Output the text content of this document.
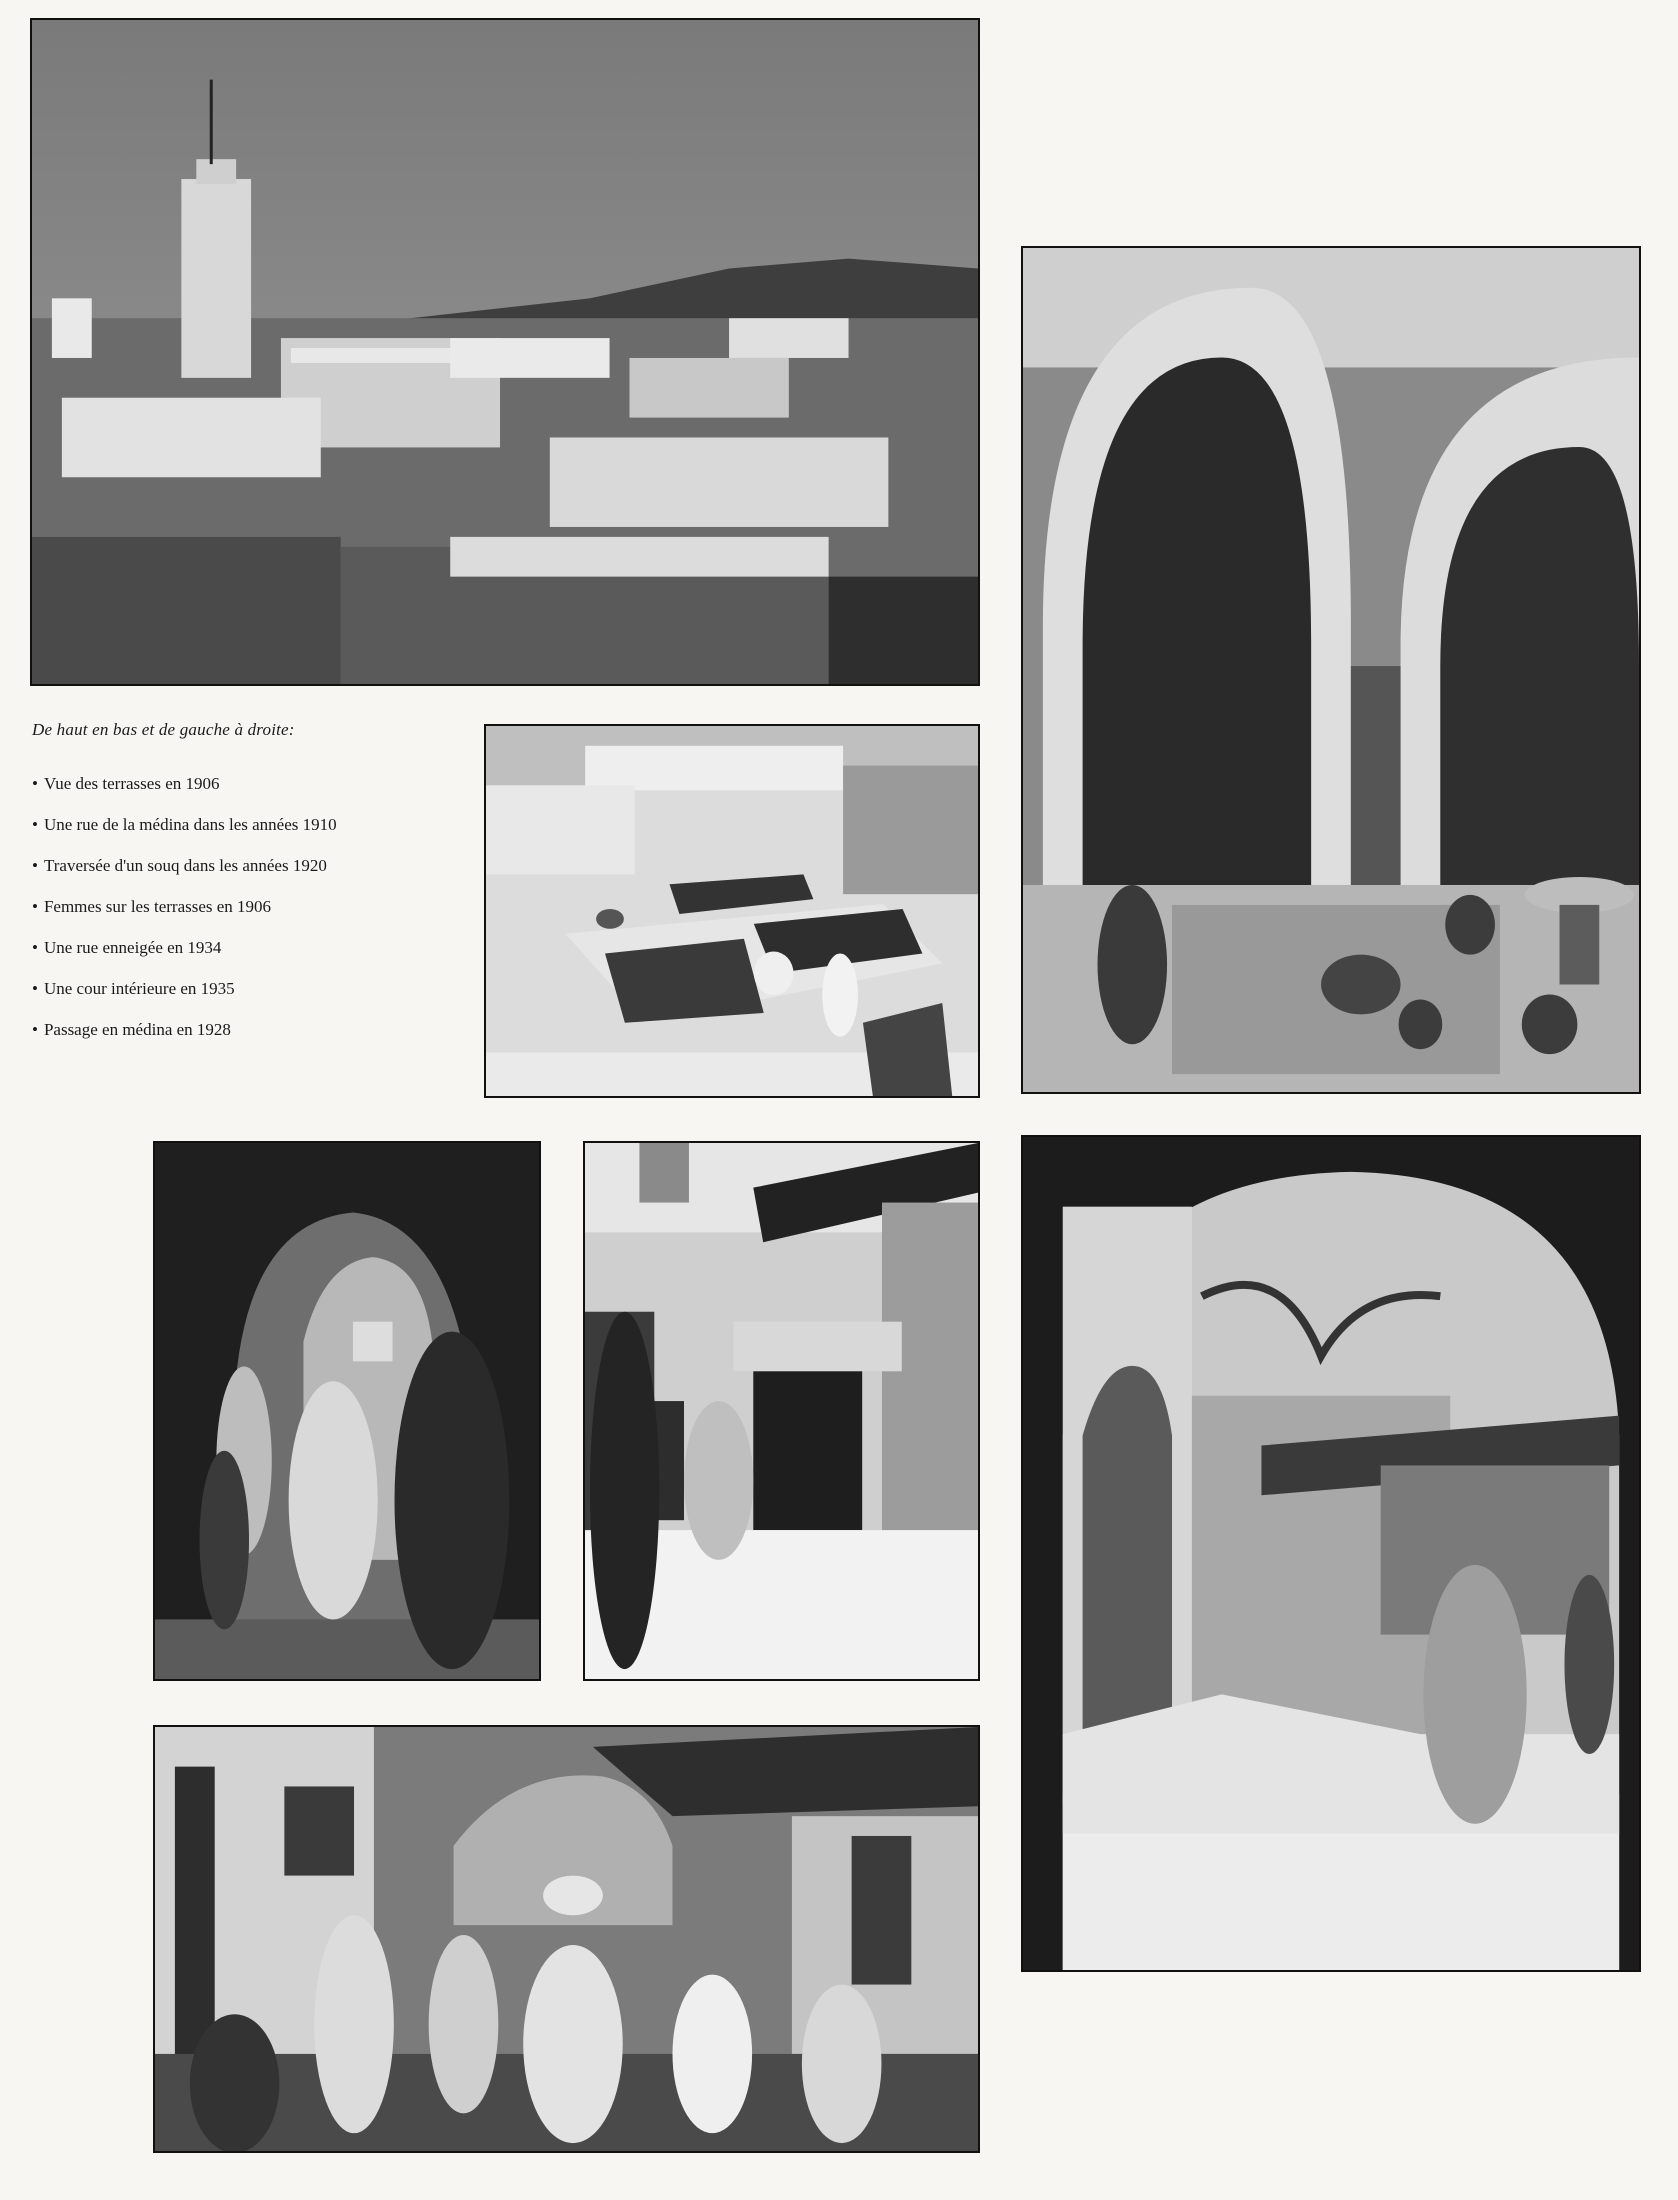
De haut en bas et de gauche à droite:

• Vue des terrasses en 1906
• Une rue de la médina dans les années 1910
• Traversée d'un souq dans les années 1920
• Femmes sur les terrasses en 1906
• Une rue enneigée en 1934
• Une cour intérieure en 1935
• Passage en médina en 1928
